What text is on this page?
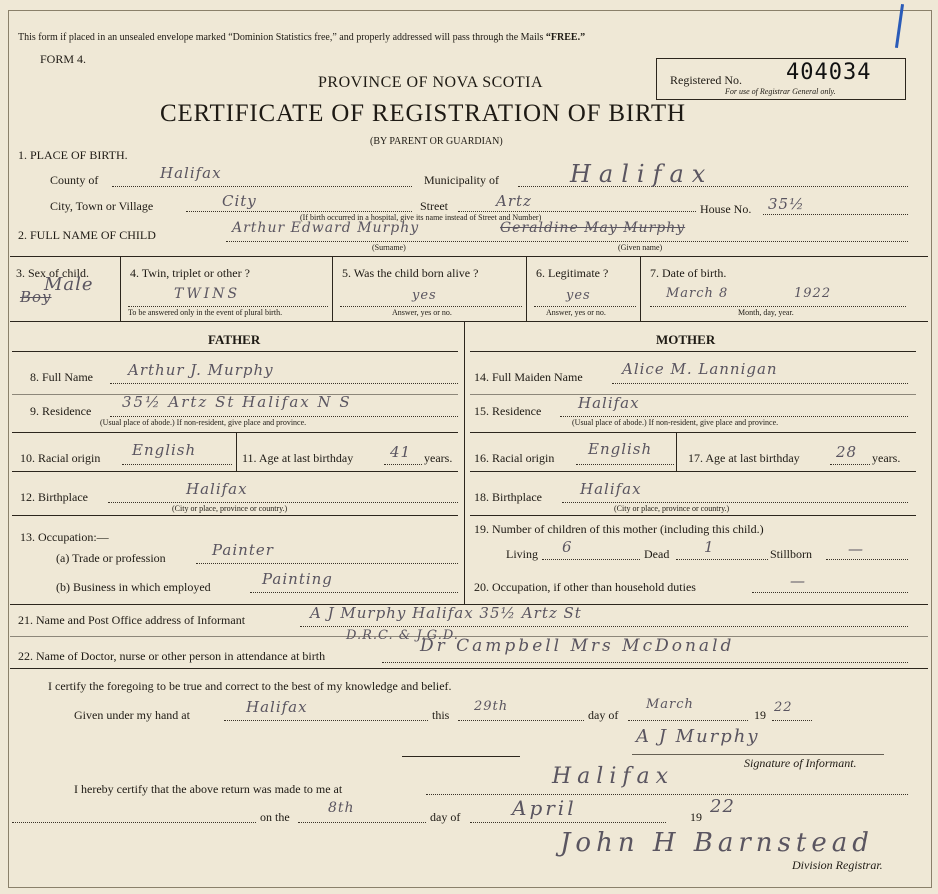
This form if placed in an unsealed envelope marked “Dominion Statistics free,” and properly addressed will pass through the Mails “FREE.”
FORM 4.
PROVINCE OF NOVA SCOTIA
CERTIFICATE OF REGISTRATION OF BIRTH
(BY PARENT OR GUARDIAN)
Registered No. 404034
For use of Registrar General only.
1. PLACE OF BIRTH.
County of	Halifax	Municipality of	Halifax
City, Town or Village	City	Street	Artz	House No. 35½
(If birth occurred in a hospital, give its name instead of Street and Number)
2. FULL NAME OF CHILD	Arthur Edward Murphy	Geraldine May Murphy
(Surname)	(Given name)
3. Sex of child.
Male
Boy
4. Twin, triplet or other ?
TWINS
To be answered only in the event of plural birth.
5. Was the child born alive ?
yes
Answer, yes or no.
6. Legitimate ?
yes
Answer, yes or no.
7. Date of birth.
March 8	1922
Month, day, year.
FATHER
8. Full Name Arthur J. Murphy
9. Residence 35½ Artz St Halifax N S
(Usual place of abode.) If non-resident, give place and province.
10. Racial origin English	11. Age at last birthday 41 years.
12. Birthplace	Halifax
(City or place, province or country.)
13. Occupation:—
(a) Trade or profession	Painter
(b) Business in which employed	Painting
MOTHER
14. Full Maiden Name	Alice M. Lannigan
15. Residence Halifax
(Usual place of abode.) If non-resident, give place and province.
16. Racial origin English	17. Age at last birthday 28 years.
18. Birthplace	Halifax
(City or place, province or country.)
19. Number of children of this mother (including this child.)
Living 6	Dead 1	Stillborn —
20. Occupation, if other than household duties	—
21. Name and Post Office address of Informant	A J Murphy Halifax 35½ Artz St
D.R.C. & J.G.D.
22. Name of Doctor, nurse or other person in attendance at birth	Dr Campbell Mrs McDonald
I certify the foregoing to be true and correct to the best of my knowledge and belief.
Given under my hand at	Halifax	this
29th
day of
March
19 22
A J Murphy
Signature of Informant.
I hereby certify that the above return was made to me at	Halifax
on the
8th
day of	April	19 22
John H Barnstead
Division Registrar.
